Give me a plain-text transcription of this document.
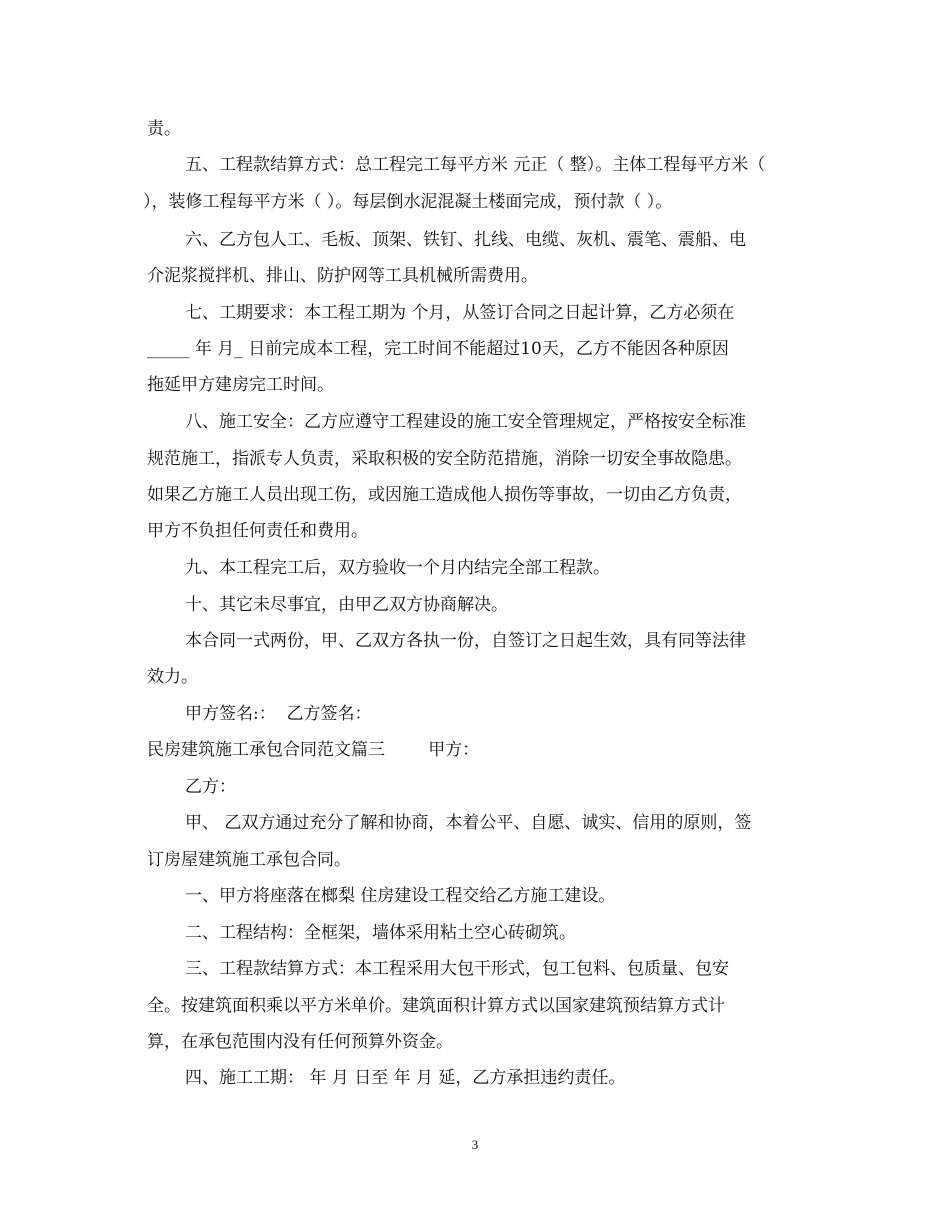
责。
五、工程款结算方式：总工程完工每平方米 元正（ 整）。主体工程每平方米（
），装修工程每平方米（ ）。每层倒水泥混凝土楼面完成，预付款（ ）。
六、乙方包人工、毛板、顶架、铁钉、扎线、电缆、灰机、震笔、震船、电
介泥浆搅拌机、排山、防护网等工具机械所需费用。
七、工期要求：本工程工期为 个月，从签订合同之日起计算，乙方必须在
_____ 年 月_ 日前完成本工程，完工时间不能超过10天，乙方不能因各种原因
拖延甲方建房完工时间。
八、施工安全：乙方应遵守工程建设的施工安全管理规定，严格按安全标准
规范施工，指派专人负责，采取积极的安全防范措施，消除一切安全事故隐患。
如果乙方施工人员出现工伤，或因施工造成他人损伤等事故，一切由乙方负责，
甲方不负担任何责任和费用。
九、本工程完工后，双方验收一个月内结完全部工程款。
十、其它未尽事宜，由甲乙双方协商解决。
本合同一式两份，甲、乙双方各执一份，自签订之日起生效，具有同等法律
效力。
甲方签名:：  乙方签名：
民房建筑施工承包合同范文篇三        甲方：
乙方：
甲、 乙双方通过充分了解和协商，本着公平、自愿、诚实、信用的原则，签
订房屋建筑施工承包合同。
一、甲方将座落在榔梨 住房建设工程交给乙方施工建设。
二、工程结构：全框架，墙体采用粘土空心砖砌筑。
三、工程款结算方式：本工程采用大包干形式，包工包料、包质量、包安
全。按建筑面积乘以平方米单价。建筑面积计算方式以国家建筑预结算方式计
算，在承包范围内没有任何预算外资金。
四、施工工期： 年 月 日至 年 月 延，乙方承担违约责任。
3
